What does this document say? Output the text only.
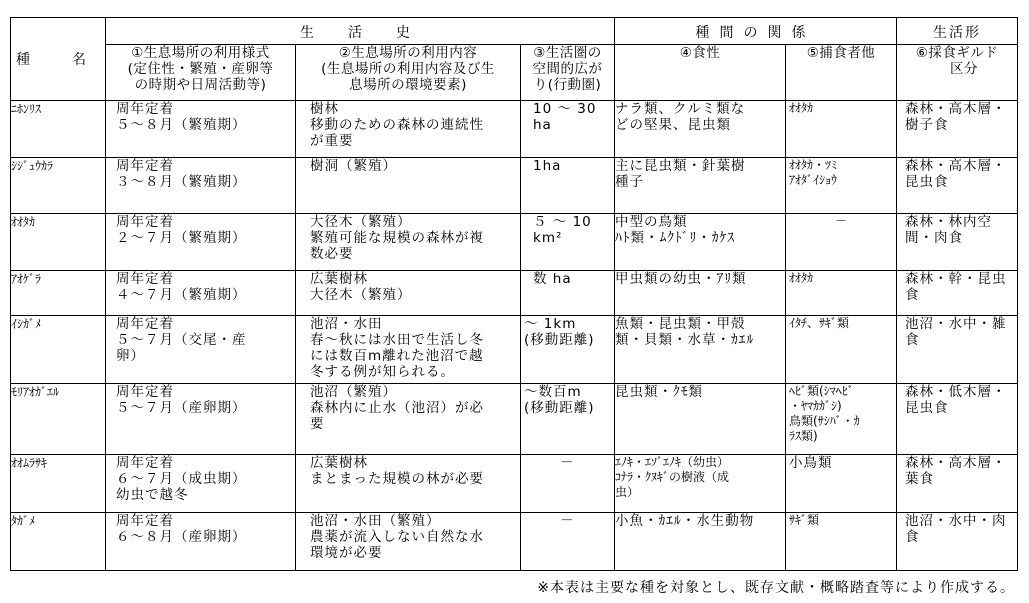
種　名	生　活　史			種間の関係		生活形
	①生息場所の利用様式
(定住性・繁殖・産卵等
の時期や日周活動等)	②生息場所の利用内容
(生息場所の利用内容及び生
息場所の環境要素)	③生活圏の
空間的広が
り(行動圏)	④食性	⑤捕食者他	⑥採食ギルド
　区分
ﾆﾎﾝﾘｽ	周年定着
５～８月（繁殖期）	樹林
移動のための森林の連続性
が重要	10 ～ 30
ha	ナラ類、クルミ類な
どの堅果、昆虫類	ｵｵﾀｶ	森林・高木層・
樹子食
ｼｼﾞｭｳｶﾗ	周年定着
３～８月（繁殖期）	樹洞（繁殖）	1ha	主に昆虫類・針葉樹
種子	ｵｵﾀｶ・ﾂﾐ
ｱｵﾀﾞｲｼｮｳ	森林・高木層・
昆虫食
ｵｵﾀｶ	周年定着
２～７月（繁殖期）	大径木（繁殖）
繁殖可能な規模の森林が複
数必要	５ ～ 10
km²	中型の鳥類
ﾊﾄ類・ﾑｸﾄﾞﾘ・ｶｹｽ	－	森林・林内空
間・肉食
ｱｵｹﾞﾗ	周年定着
４～７月（繁殖期）	広葉樹林
大径木（繁殖）	数 ha	甲虫類の幼虫・ｱﾘ類	ｵｵﾀｶ	森林・幹・昆虫
食
ｲｼｶﾞﾒ	周年定着
５～７月（交尾・産
卵）	池沼・水田
春～秋には水田で生活し冬
には数百m離れた池沼で越
冬する例が知られる。	～ 1km
(移動距離)	魚類・昆虫類・甲殻
類・貝類・水草・ｶｴﾙ	ｲﾀﾁ、ｻｷﾞ類	池沼・水中・雑
食
ﾓﾘｱｵｶﾞｴﾙ	周年定着
５～７月（産卵期）	池沼（繁殖）
森林内に止水（池沼）が必
要	～数百m
(移動距離)	昆虫類・ｸﾓ類	ﾍﾋﾞ類(ｼﾏﾍﾋﾞ
・ﾔﾏｶｶﾞｼ)
鳥類(ｻｼﾊﾞ・ｶ
ﾗｽ類)	森林・低木層・
昆虫食
ｵｵﾑﾗｻｷ	周年定着
６～７月（成虫期）
幼虫で越冬	広葉樹林
まとまった規模の林が必要	－	ｴﾉｷ・ｴｿﾞｴﾉｷ（幼虫）
ｺﾅﾗ・ｸﾇｷﾞの樹液（成
虫）	小鳥類	森林・高木層・
葉食
ﾀｶﾞﾒ	周年定着
６～８月（産卵期）	池沼・水田（繁殖）
農薬が流入しない自然な水
環境が必要	－	小魚・ｶｴﾙ・水生動物	ｻｷﾞ類	池沼・水中・肉
食
※本表は主要な種を対象とし、既存文献・概略踏査等により作成する。
